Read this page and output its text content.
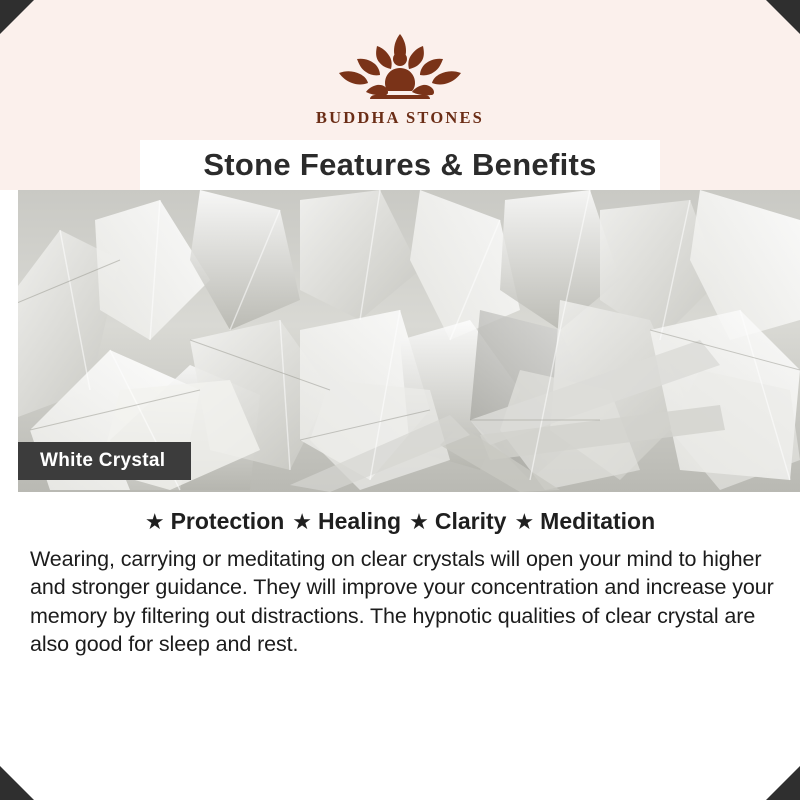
BUDDHA STONES
Stone Features & Benefits
White Crystal
★ Protection ★ Healing ★ Clarity ★ Meditation
Wearing, carrying or meditating on clear crystals will open your mind to higher and stronger guidance. They will improve your concentration and increase your memory by filtering out distractions. The hypnotic qualities of clear crystal are also good for sleep and rest.
